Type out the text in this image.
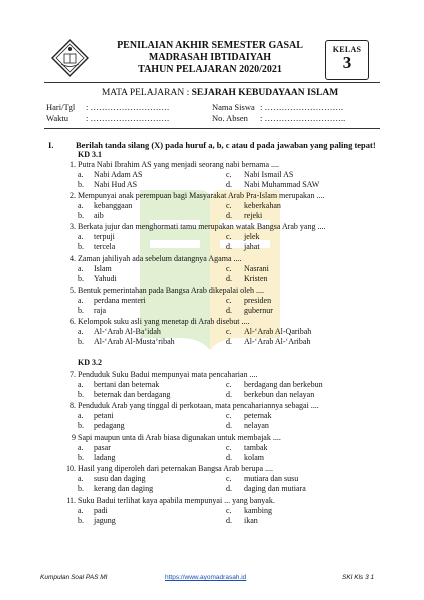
PENILAIAN AKHIR SEMESTER GASAL
MADRASAH IBTIDAIYAH
TAHUN PELAJARAN 2020/2021
KELAS
3
MATA PELAJARAN : SEJARAH KEBUDAYAAN ISLAM
Hari/Tgl : ……………………….
Waktu : ……………………….
Nama Siswa : ……………………….
No. Absen : ………………………..
I.	Berilah tanda silang (X) pada huruf a, b, c atau d pada jawaban yang paling tepat!
KD 3.1
KD 3.2
1. Putra Nabi Ibrahim AS yang menjadi seorang nabi bernama ....
a. Nabi Adam AS	c. Nabi Ismail AS
b. Nabi Hud AS	d. Nabi Muhammad SAW
2. Mempunyai anak perempuan bagi Masyarakat Arab Pra-Islam merupakan ....
a. kebanggaan	c. keberkahan
b. aib	d. rejeki
3. Berkata jujur dan menghormati tamu merupakan watak Bangsa Arab yang ....
a. terpuji	c. jelek
b. tercela	d. jahat
4. Zaman jahiliyah ada sebelum datangnya Agama ....
a. Islam	c. Nasrani
b. Yahudi	d. Kristen
5. Bentuk pemerintahan pada Bangsa Arab dikepalai oleh ....
a. perdana menteri	c. presiden
b. raja	d. gubernur
6. Kelompok suku asli yang menetap di Arab disebut ....
a. Al-‘Arab Al-Ba’idah	c. Al-‘Arab Al-Qaribah
b. Al-‘Arab Al-Musta’ribah	d. Al-‘Arab Al-‘Aribah
7. Penduduk Suku Badui mempunyai mata pencaharian ....
a. bertani dan beternak	c. berdagang dan berkebun
b. beternak dan berdagang	d. berkebun dan nelayan
8. Penduduk Arab yang tinggal di perkotaan, mata pencahariannya sebagai ....
a. petani	c. peternak
b. pedagang	d. nelayan
9 Sapi maupun unta di Arab biasa digunakan untuk membajak ....
a. pasar	c. tambak
b. ladang	d. kolam
10. Hasil yang diperoleh dari peternakan Bangsa Arab berupa ....
a. susu dan daging	c. mutiara dan susu
b. kerang dan daging	d. daging dan mutiara
11. Suku Badui terlihat kaya apabila mempunyai ... yang banyak.
a. padi	c. kambing
b. jagung	d. ikan
Kumpulan Soal PAS MI	https://www.ayomadrasah.id	SKI Kls 3 1
